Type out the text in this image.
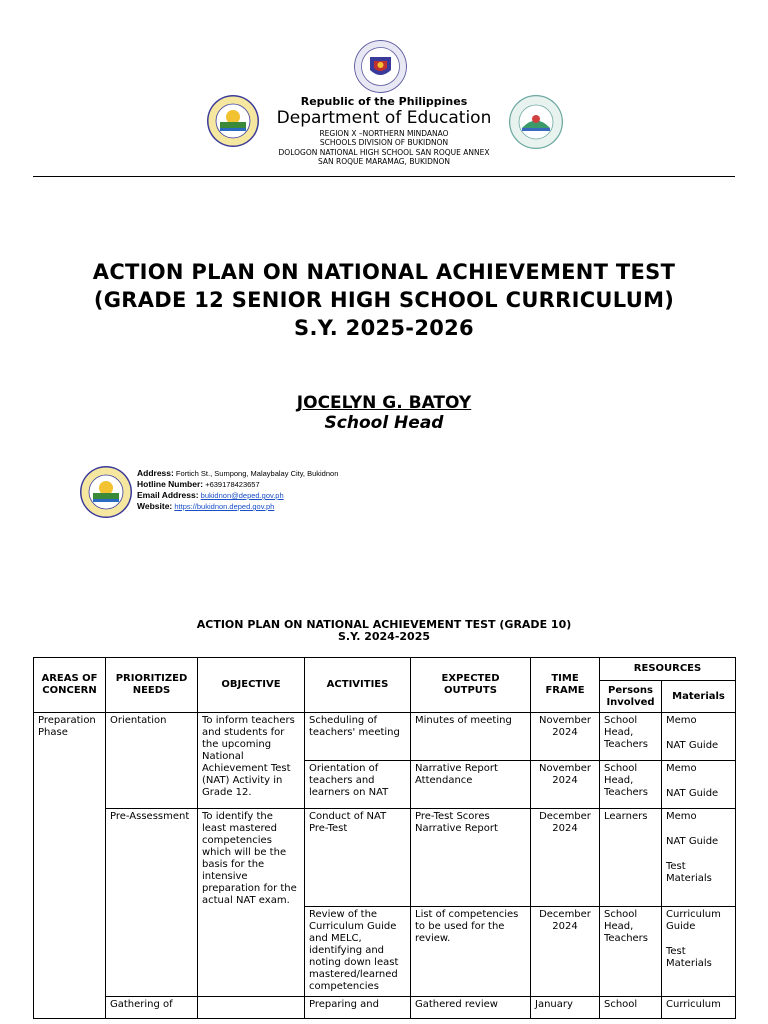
Republic of the Philippines
Department of Education
REGION X –NORTHERN MINDANAO
SCHOOLS DIVISION OF BUKIDNON
DOLOGON NATIONAL HIGH SCHOOL SAN ROQUE ANNEX
SAN ROQUE MARAMAG, BUKIDNON
ACTION PLAN ON NATIONAL ACHIEVEMENT TEST
(GRADE 12 SENIOR HIGH SCHOOL CURRICULUM)
S.Y. 2025-2026
JOCELYN G. BATOY
School Head
Address: Fortich St., Sumpong, Malaybalay City, Bukidnon
Hotline Number: +639178423657
Email Address: bukidnon@deped.gov.ph
Website: https://bukidnon.deped.gov.ph
ACTION PLAN ON NATIONAL ACHIEVEMENT TEST (GRADE 10)
S.Y. 2024-2025
AREAS OF CONCERN	PRIORITIZED NEEDS	OBJECTIVE	ACTIVITIES	EXPECTED OUTPUTS	TIME FRAME	RESOURCES	
						Persons Involved	Materials
Preparation Phase	Orientation	To inform teachers and students for the upcoming National Achievement Test (NAT) Activity in Grade 12.	Scheduling of teachers' meeting	Minutes of meeting	November 2024	School Head, Teachers	Memo
NAT Guide

			Orientation of teachers and learners on NAT	Narrative Report Attendance	November 2024	School Head, Teachers	Memo
NAT Guide

	Pre-Assessment	To identify the least mastered competencies which will be the basis for the intensive preparation for the actual NAT exam.	Conduct of NAT Pre-Test	Pre-Test Scores Narrative Report	December 2024	Learners	Memo
NAT Guide
Test Materials

			Review of the Curriculum Guide and MELC, identifying and noting down least mastered/learned competencies	List of competencies to be used for the review.	December 2024	School Head, Teachers	Curriculum Guide
Test Materials

	Gathering of		Preparing and	Gathered review	January	School	Curriculum
